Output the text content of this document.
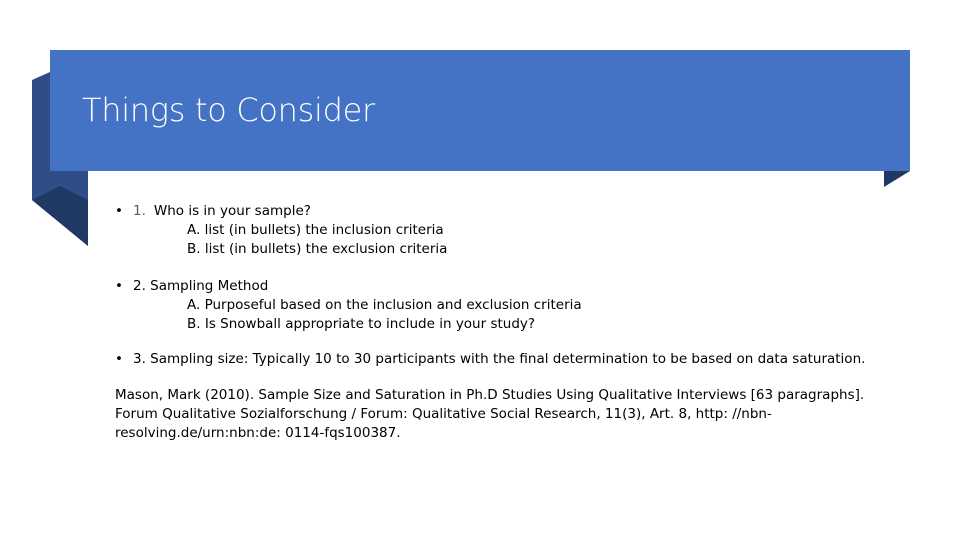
Things to Consider
• 1. Who is in your sample?
A. list (in bullets) the inclusion criteria
B. list (in bullets) the exclusion criteria
• 2. Sampling Method
A. Purposeful based on the inclusion and exclusion criteria
B. Is Snowball appropriate to include in your study?
• 3. Sampling size: Typically 10 to 30 participants with the final determination to be based on data saturation.

Mason, Mark (2010). Sample Size and Saturation in Ph.D Studies Using Qualitative Interviews [63 paragraphs]. Forum Qualitative Sozialforschung / Forum: Qualitative Social Research, 11(3), Art. 8, http: //nbn-resolving.de/urn:nbn:de: 0114-fqs100387.
